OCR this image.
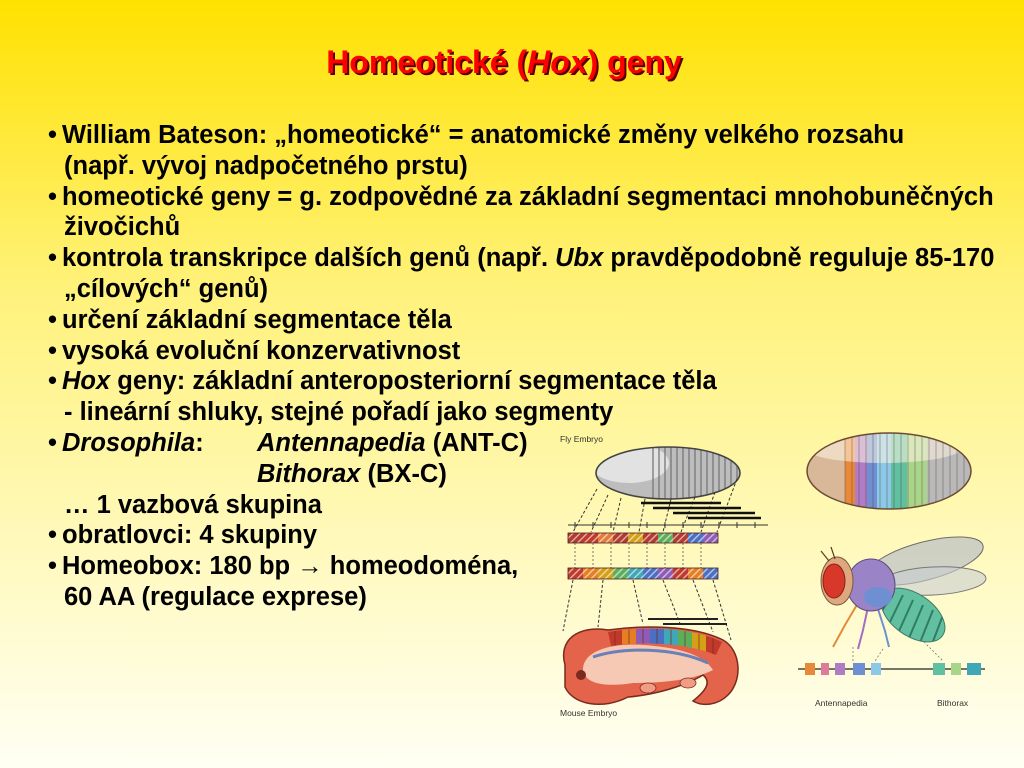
Homeotické (Hox) geny
• William Bateson: „homeotické“ = anatomické změny velkého rozsahu
(např. vývoj nadpočetného prstu)
• homeotické geny = g. zodpovědné za základní segmentaci mnohobuněčných
živočichů
• kontrola transkripce dalších genů (např. Ubx pravděpodobně reguluje 85-170
„cílových“ genů)
• určení základní segmentace těla
• vysoká evoluční konzervativnost
• Hox geny: základní anteroposteriorní segmentace těla
- lineární shluky, stejné pořadí jako segmenty
• Drosophila: Antennapedia (ANT-C)
Bithorax (BX-C)
… 1 vazbová skupina
• obratlovci: 4 skupiny
• Homeobox: 180 bp → homeodoména,
60 AA (regulace exprese)
Fly Embryo
Mouse Embryo
Antennapedia	Bithorax
